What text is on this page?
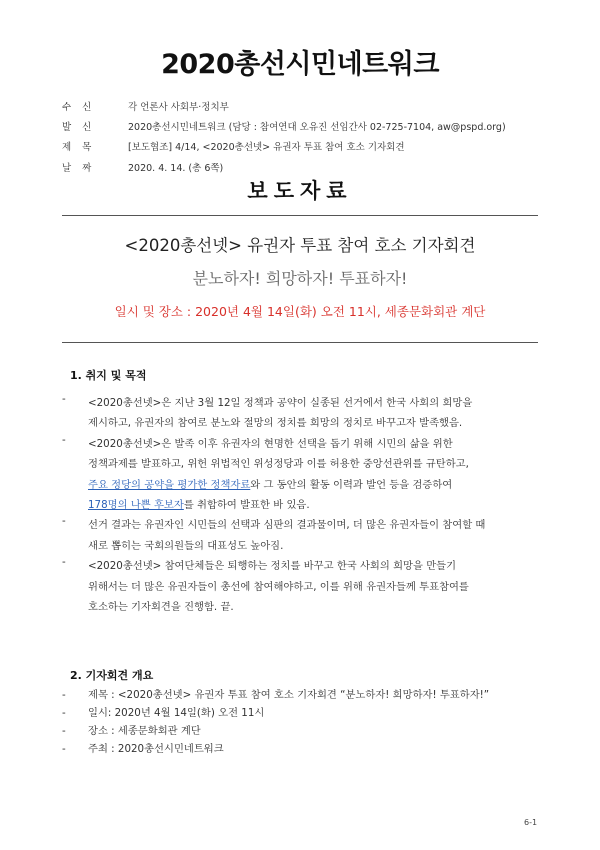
2020총선시민네트워크
수신	각 언론사 사회부·정치부
발신	2020총선시민네트워크 (담당 : 참여연대 오유진 선임간사 02-725-7104, aw@pspd.org)
제목	[보도협조] 4/14, <2020총선넷> 유권자 투표 참여 호소 기자회견
날짜	2020. 4. 14. (총 6쪽)
보도자료
<2020총선넷> 유권자 투표 참여 호소 기자회견
분노하자! 희망하자! 투표하자!
일시 및 장소 : 2020년 4월 14일(화) 오전 11시, 세종문화회관 계단
1. 취지 및 목적
-	<2020총선넷>은 지난 3월 12일 정책과 공약이 실종된 선거에서 한국 사회의 희망을
제시하고, 유권자의 참여로 분노와 절망의 정치를 희망의 정치로 바꾸고자 발족했음.
-	<2020총선넷>은 발족 이후 유권자의 현명한 선택을 돕기 위해 시민의 삶을 위한
정책과제를 발표하고, 위헌 위법적인 위성정당과 이를 허용한 중앙선관위를 규탄하고,
주요 정당의 공약을 평가한 정책자료와 그 동안의 활동 이력과 발언 등을 검증하여
178명의 나쁜 후보자를 취합하여 발표한 바 있음.
-	선거 결과는 유권자인 시민들의 선택과 심판의 결과물이며, 더 많은 유권자들이 참여할 때
새로 뽑히는 국회의원들의 대표성도 높아짐.
-	<2020총선넷> 참여단체들은 퇴행하는 정치를 바꾸고 한국 사회의 희망을 만들기
위해서는 더 많은 유권자들이 총선에 참여해야하고, 이를 위해 유권자들께 투표참여를
호소하는 기자회견을 진행함. 끝.
2. 기자회견 개요
-	제목 : <2020총선넷> 유권자 투표 참여 호소 기자회견 “분노하자! 희망하자! 투표하자!”
-	일시: 2020년 4월 14일(화) 오전 11시
-	장소 : 세종문화회관 계단
-	주최 : 2020총선시민네트워크
6-1
